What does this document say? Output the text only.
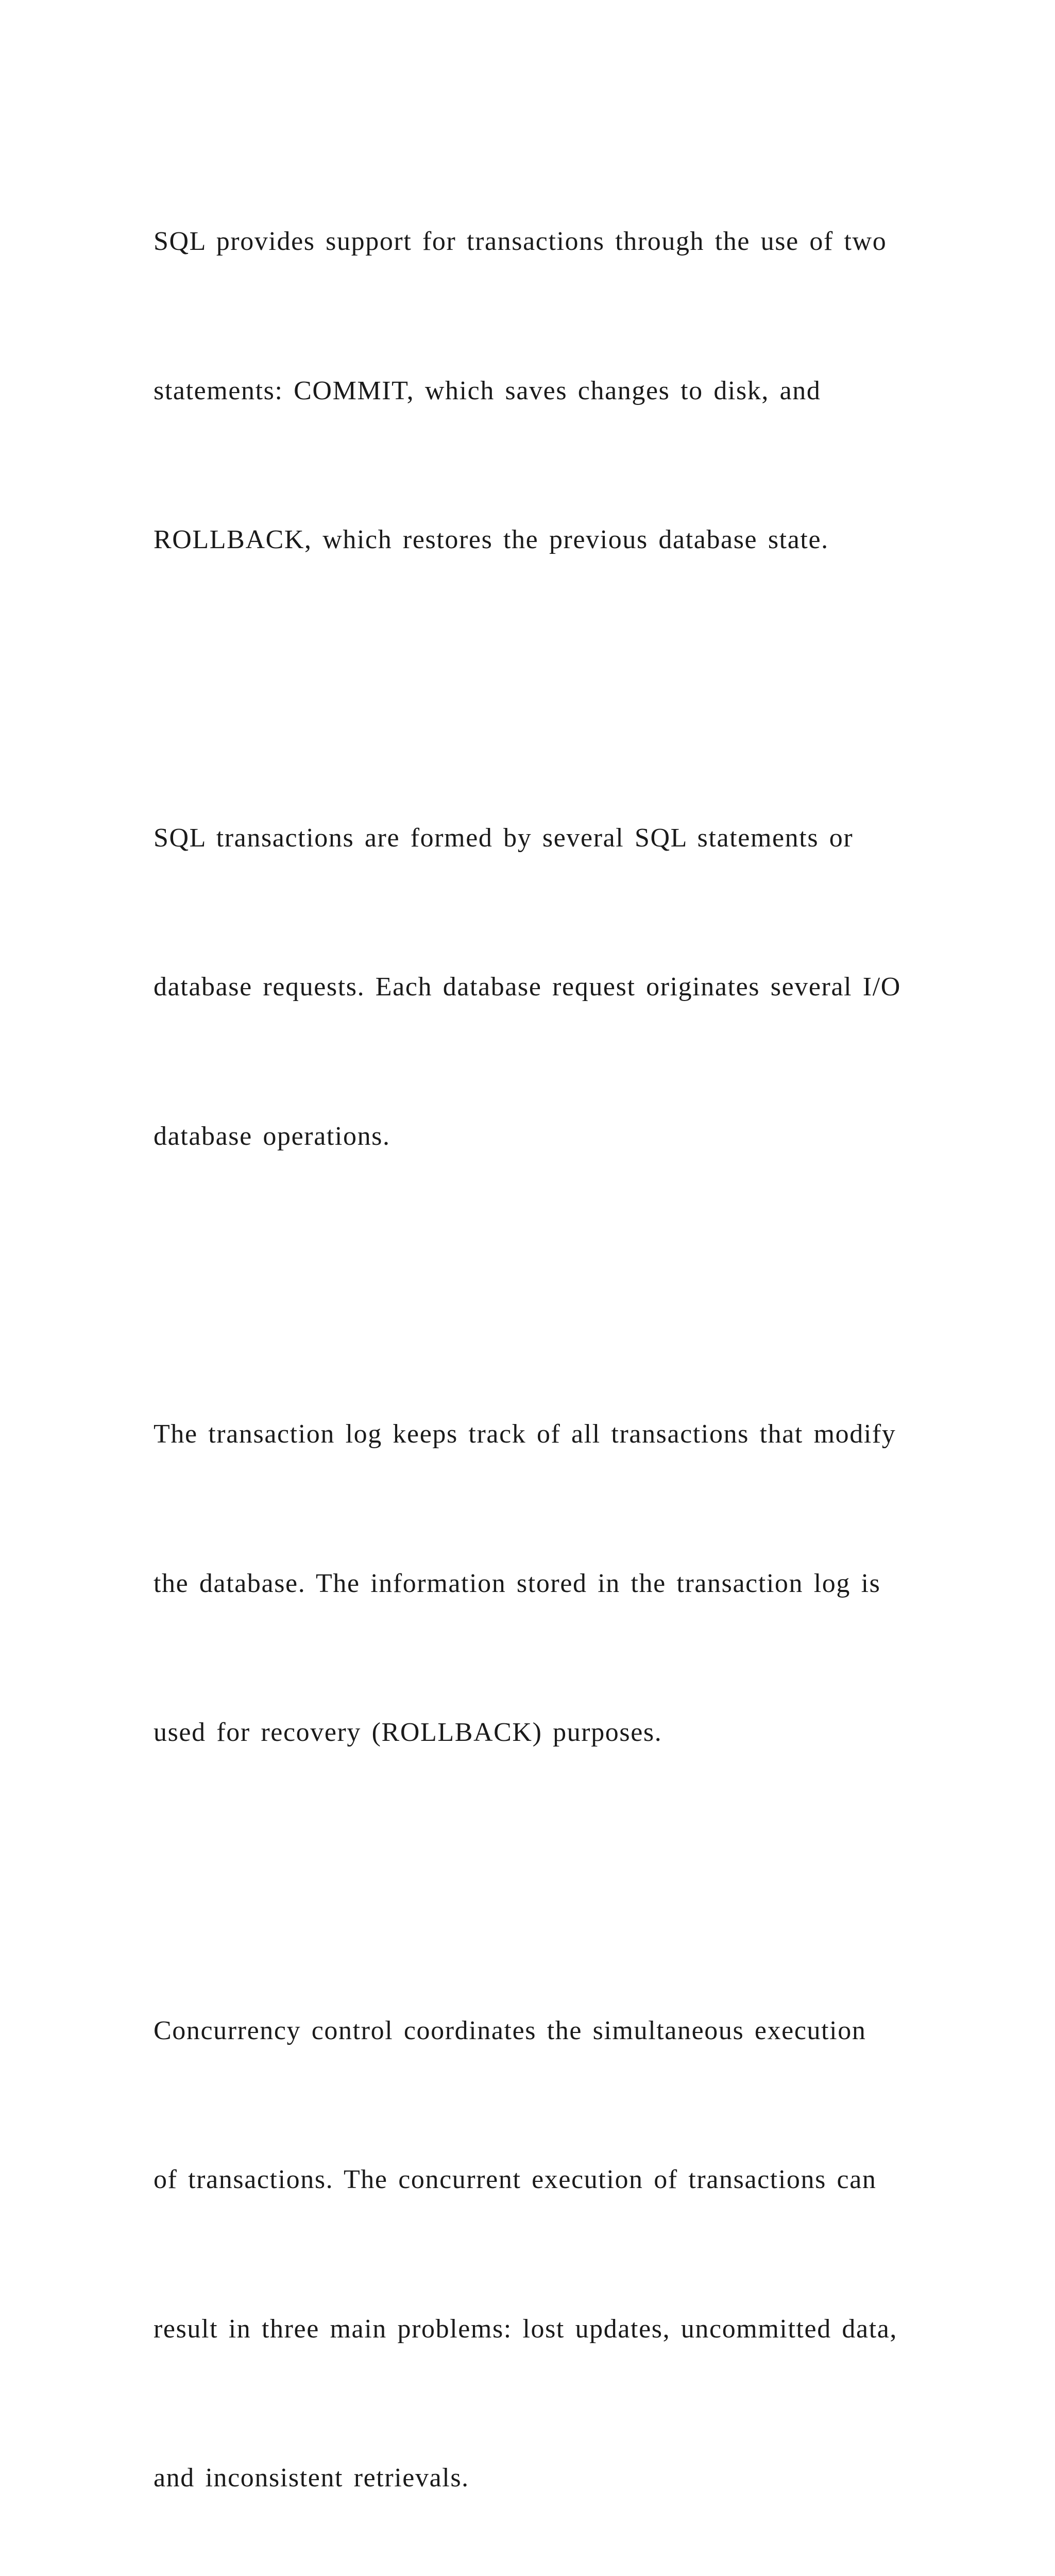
SQL provides support for transactions through the use of two

statements: COMMIT, which saves changes to disk, and

ROLLBACK, which restores the previous database state.

SQL transactions are formed by several SQL statements or

database requests. Each database request originates several I/O

database operations.

The transaction log keeps track of all transactions that modify

the database. The information stored in the transaction log is

used for recovery (ROLLBACK) purposes.

Concurrency control coordinates the simultaneous execution

of transactions. The concurrent execution of transactions can

result in three main problems: lost updates, uncommitted data,

and inconsistent retrievals.
